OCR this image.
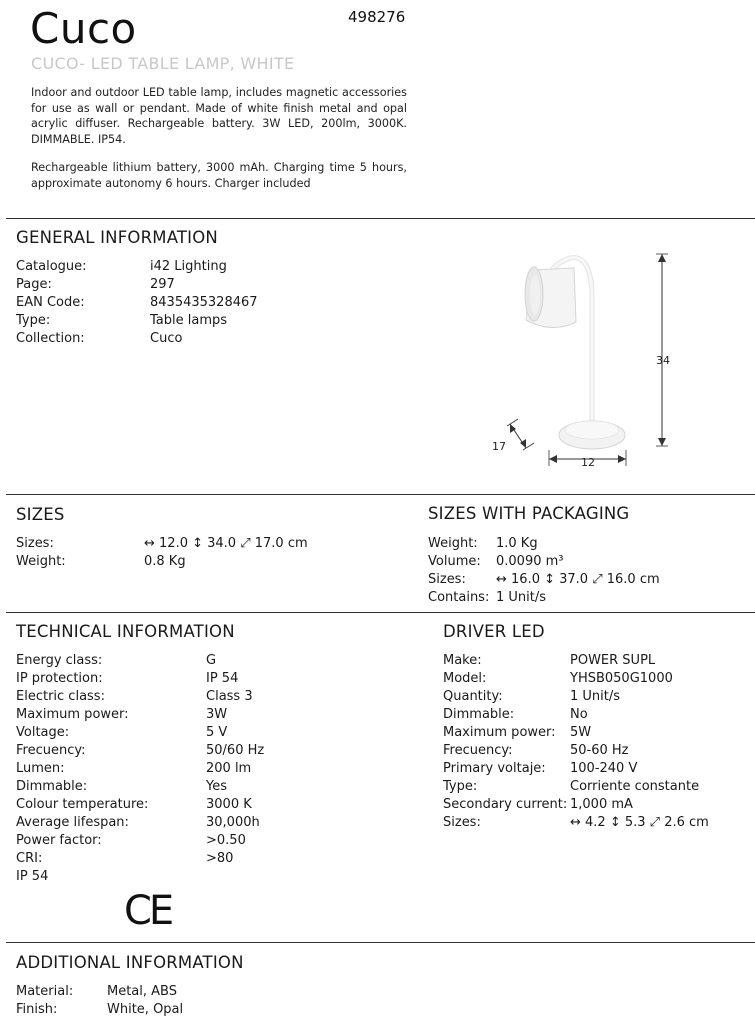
Cuco	498276
CUCO- LED TABLE LAMP, WHITE
Indoor and outdoor LED table lamp, includes magnetic accessories for use as wall or pendant. Made of white finish metal and opal acrylic diffuser. Rechargeable battery. 3W LED, 200lm, 3000K. DIMMABLE. IP54.
Rechargeable lithium battery, 3000 mAh. Charging time 5 hours, approximate autonomy 6 hours. Charger included
GENERAL INFORMATION
Catalogue:	i42 Lighting
Page:	297
EAN Code:	8435435328467
Type:	Table lamps
Collection:	Cuco
34
12
17
SIZES
Sizes:	↔ 12.0 ↕ 34.0 ⤢ 17.0 cm
Weight:	0.8 Kg
SIZES WITH PACKAGING
Weight: 1.0 Kg
Volume: 0.0090 m³
Sizes: ↔ 16.0 ↕ 37.0 ⤢ 16.0 cm
Contains: 1 Unit/s
TECHNICAL INFORMATION
Energy class:	G
IP protection:	IP 54
Electric class:	Class 3
Maximum power:	3W
Voltage:	5 V
Frecuency:	50/60 Hz
Lumen:	200 lm
Dimmable:	Yes
Colour temperature:	3000 K
Average lifespan:	30,000h
Power factor:	>0.50
CRI:	>80
IP 54
CE
DRIVER LED
Make:	POWER SUPL
Model:	YHSB050G1000
Quantity:	1 Unit/s
Dimmable:	No
Maximum power: 5W
Frecuency:	50-60 Hz
Primary voltaje: 100-240 V
Type:	Corriente constante
Secondary current: 1,000 mA
Sizes:	↔ 4.2 ↕ 5.3 ⤢ 2.6 cm
ADDITIONAL INFORMATION
Material:	Metal, ABS
Finish:	White, Opal
